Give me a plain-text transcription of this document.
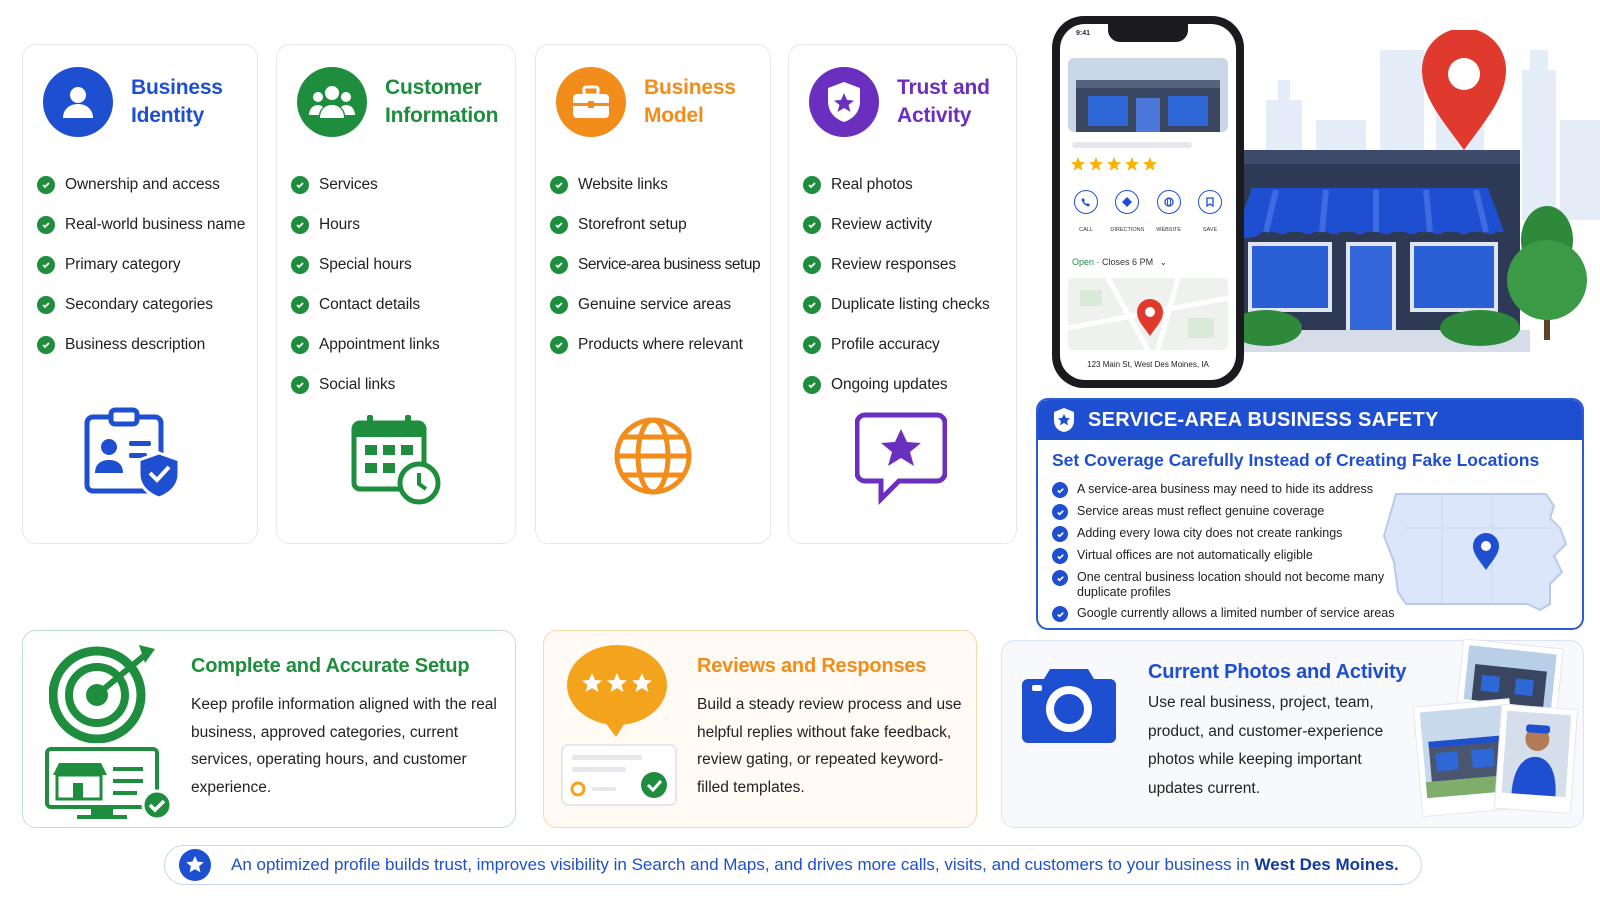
Business
Identity
Ownership and access
Real-world business name
Primary category
Secondary categories
Business description
Customer
Information
Services
Hours
Special hours
Contact details
Appointment links
Social links
Business
Model
Website links
Storefront setup
Service-area business setup
Genuine service areas
Products where relevant
Trust and
Activity
Real photos
Review activity
Review responses
Duplicate listing checks
Profile accuracy
Ongoing updates
9:41
CALL	DIRECTIONS	WEBSITE	SAVE
Open · Closes 6 PM ⌄
123 Main St, West Des Moines, IA
SERVICE-AREA BUSINESS SAFETY
Set Coverage Carefully Instead of Creating Fake Locations
A service-area business may need to hide its address
Service areas must reflect genuine coverage
Adding every Iowa city does not create rankings
Virtual offices are not automatically eligible
One central business location should not become many duplicate profiles
Google currently allows a limited number of service areas
Complete and Accurate Setup
Keep profile information aligned with the real business, approved categories, current services, operating hours, and customer experience.
Reviews and Responses
Build a steady review process and use helpful replies without fake feedback, review gating, or repeated keyword-filled templates.
Current Photos and Activity
Use real business, project, team, product, and customer-experience photos while keeping important updates current.
An optimized profile builds trust, improves visibility in Search and Maps, and drives more calls, visits, and customers to your business in West Des Moines.
